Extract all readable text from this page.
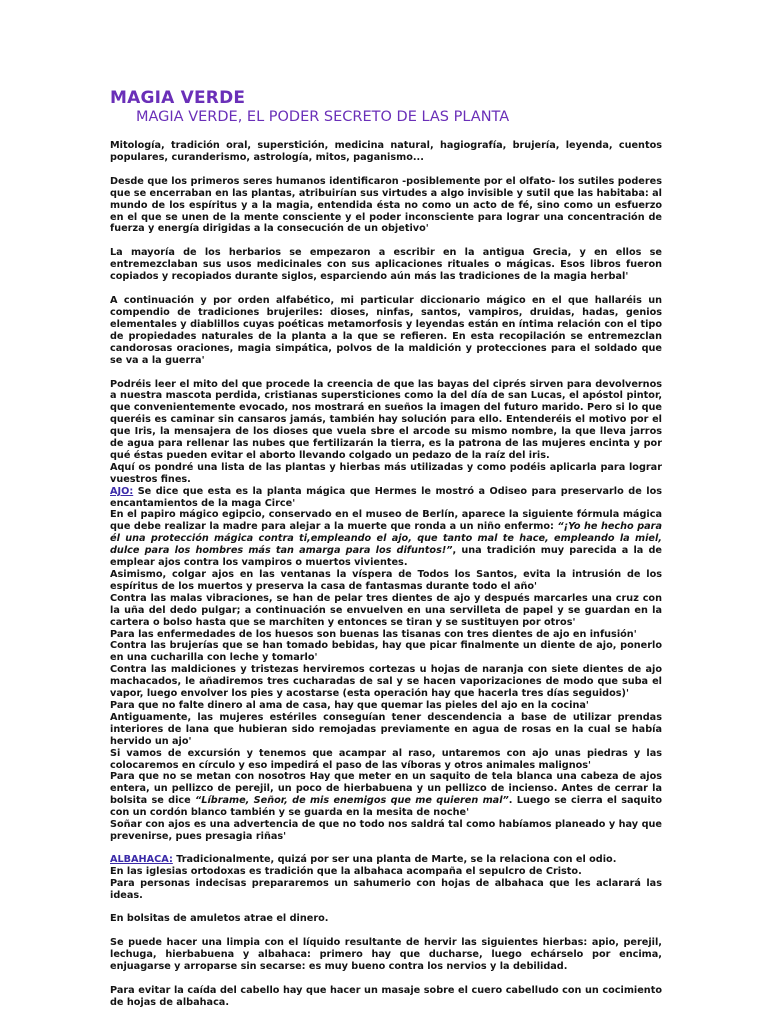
MAGIA VERDE
MAGIA VERDE, EL PODER SECRETO DE LAS PLANTA

Mitología, tradición oral, superstición, medicina natural, hagiografía, brujería, leyenda, cuentos populares, curanderismo, astrología, mitos, paganismo...

Desde que los primeros seres humanos identificaron -posiblemente por el olfato- los sutiles poderes que se encerraban en las plantas, atribuirían sus virtudes a algo invisible y sutil que las habitaba: al mundo de los espíritus y a la magia, entendida ésta no como un acto de fé, sino como un esfuerzo en el que se unen de la mente consciente y el poder inconsciente para lograr una concentración de fuerza y energía dirigidas a la consecución de un objetivo'

La mayoría de los herbarios se empezaron a escribir en la antigua Grecia, y en ellos se entremezclaban sus usos medicinales con sus aplicaciones rituales o mágicas. Esos libros fueron copiados y recopiados durante siglos, esparciendo aún más las tradiciones de la magia herbal'

A continuación y por orden alfabético, mi particular diccionario mágico en el que hallaréis un compendio de tradiciones brujeriles: dioses, ninfas, santos, vampiros, druidas, hadas, genios elementales y diablillos cuyas poéticas metamorfosis y leyendas están en íntima relación con el tipo de propiedades naturales de la planta a la que se refieren. En esta recopilación se entremezclan candorosas oraciones, magia simpática, polvos de la maldición y protecciones para el soldado que se va a la guerra'

Podréis leer el mito del que procede la creencia de que las bayas del ciprés sirven para devolvernos a nuestra mascota perdida, cristianas supersticiones como la del día de san Lucas, el apóstol pintor, que convenientemente evocado, nos mostrará en sueños la imagen del futuro marido. Pero si lo que queréis es caminar sin cansaros jamás, también hay solución para ello. Entenderéis el motivo por el que Iris, la mensajera de los dioses que vuela sbre el arcode su mismo nombre, la que lleva jarros de agua para rellenar las nubes que fertilizarán la tierra, es la patrona de las mujeres encinta y por qué éstas pueden evitar el aborto llevando colgado un pedazo de la raíz del iris.

Aquí os pondré una lista de las plantas y hierbas más utilizadas y como podéis aplicarla para lograr vuestros fines.

AJO: Se dice que esta es la planta mágica que Hermes le mostró a Odiseo para preservarlo de los encantamientos de la maga Circe'

En el papiro mágico egipcio, conservado en el museo de Berlín, aparece la siguiente fórmula mágica que debe realizar la madre para alejar a la muerte que ronda a un niño enfermo: “¡Yo he hecho para él una protección mágica contra ti,empleando el ajo, que tanto mal te hace, empleando la miel, dulce para los hombres más tan amarga para los difuntos!”, una tradición muy parecida a la de emplear ajos contra los vampiros o muertos vivientes.

Asimismo, colgar ajos en las ventanas la víspera de Todos los Santos, evita la intrusión de los espíritus de los muertos y preserva la casa de fantasmas durante todo el año'

Contra las malas vibraciones, se han de pelar tres dientes de ajo y después marcarles una cruz con la uña del dedo pulgar; a continuación se envuelven en una servilleta de papel y se guardan en la cartera o bolso hasta que se marchiten y entonces se tiran y se sustituyen por otros'

Para las enfermedades de los huesos son buenas las tisanas con tres dientes de ajo en infusión'

Contra las brujerías que se han tomado bebidas, hay que picar finalmente un diente de ajo, ponerlo en una cucharilla con leche y tomarlo'

Contra las maldiciones y tristezas herviremos cortezas u hojas de naranja con siete dientes de ajo machacados, le añadiremos tres cucharadas de sal y se hacen vaporizaciones de modo que suba el vapor, luego envolver los pies y acostarse (esta operación hay que hacerla tres días seguidos)'

Para que no falte dinero al ama de casa, hay que quemar las pieles del ajo en la cocina'

Antiguamente, las mujeres estériles conseguían tener descendencia a base de utilizar prendas interiores de lana que hubieran sido remojadas previamente en agua de rosas en la cual se había hervido un ajo'

Si vamos de excursión y tenemos que acampar al raso, untaremos con ajo unas piedras y las colocaremos en círculo y eso impedirá el paso de las víboras y otros animales malignos'

Para que no se metan con nosotros Hay que meter en un saquito de tela blanca una cabeza de ajos entera, un pellizco de perejil, un poco de hierbabuena y un pellizco de incienso. Antes de cerrar la bolsita se dice “Líbrame, Señor, de mis enemigos que me quieren mal”. Luego se cierra el saquito con un cordón blanco también y se guarda en la mesita de noche'

Soñar con ajos es una advertencia de que no todo nos saldrá tal como habíamos planeado y hay que prevenirse, pues presagia riñas'

ALBAHACA: Tradicionalmente, quizá por ser una planta de Marte, se la relaciona con el odio.

En las iglesias ortodoxas es tradición que la albahaca acompaña el sepulcro de Cristo.

Para personas indecisas prepararemos un sahumerio con hojas de albahaca que les aclarará las ideas.

En bolsitas de amuletos atrae el dinero.

Se puede hacer una limpia con el líquido resultante de hervir las siguientes hierbas: apio, perejil, lechuga, hierbabuena y albahaca: primero hay que ducharse, luego echárselo por encima, enjuagarse y arroparse sin secarse: es muy bueno contra los nervios y la debilidad.

Para evitar la caída del cabello hay que hacer un masaje sobre el cuero cabelludo con un cocimiento de hojas de albahaca.
